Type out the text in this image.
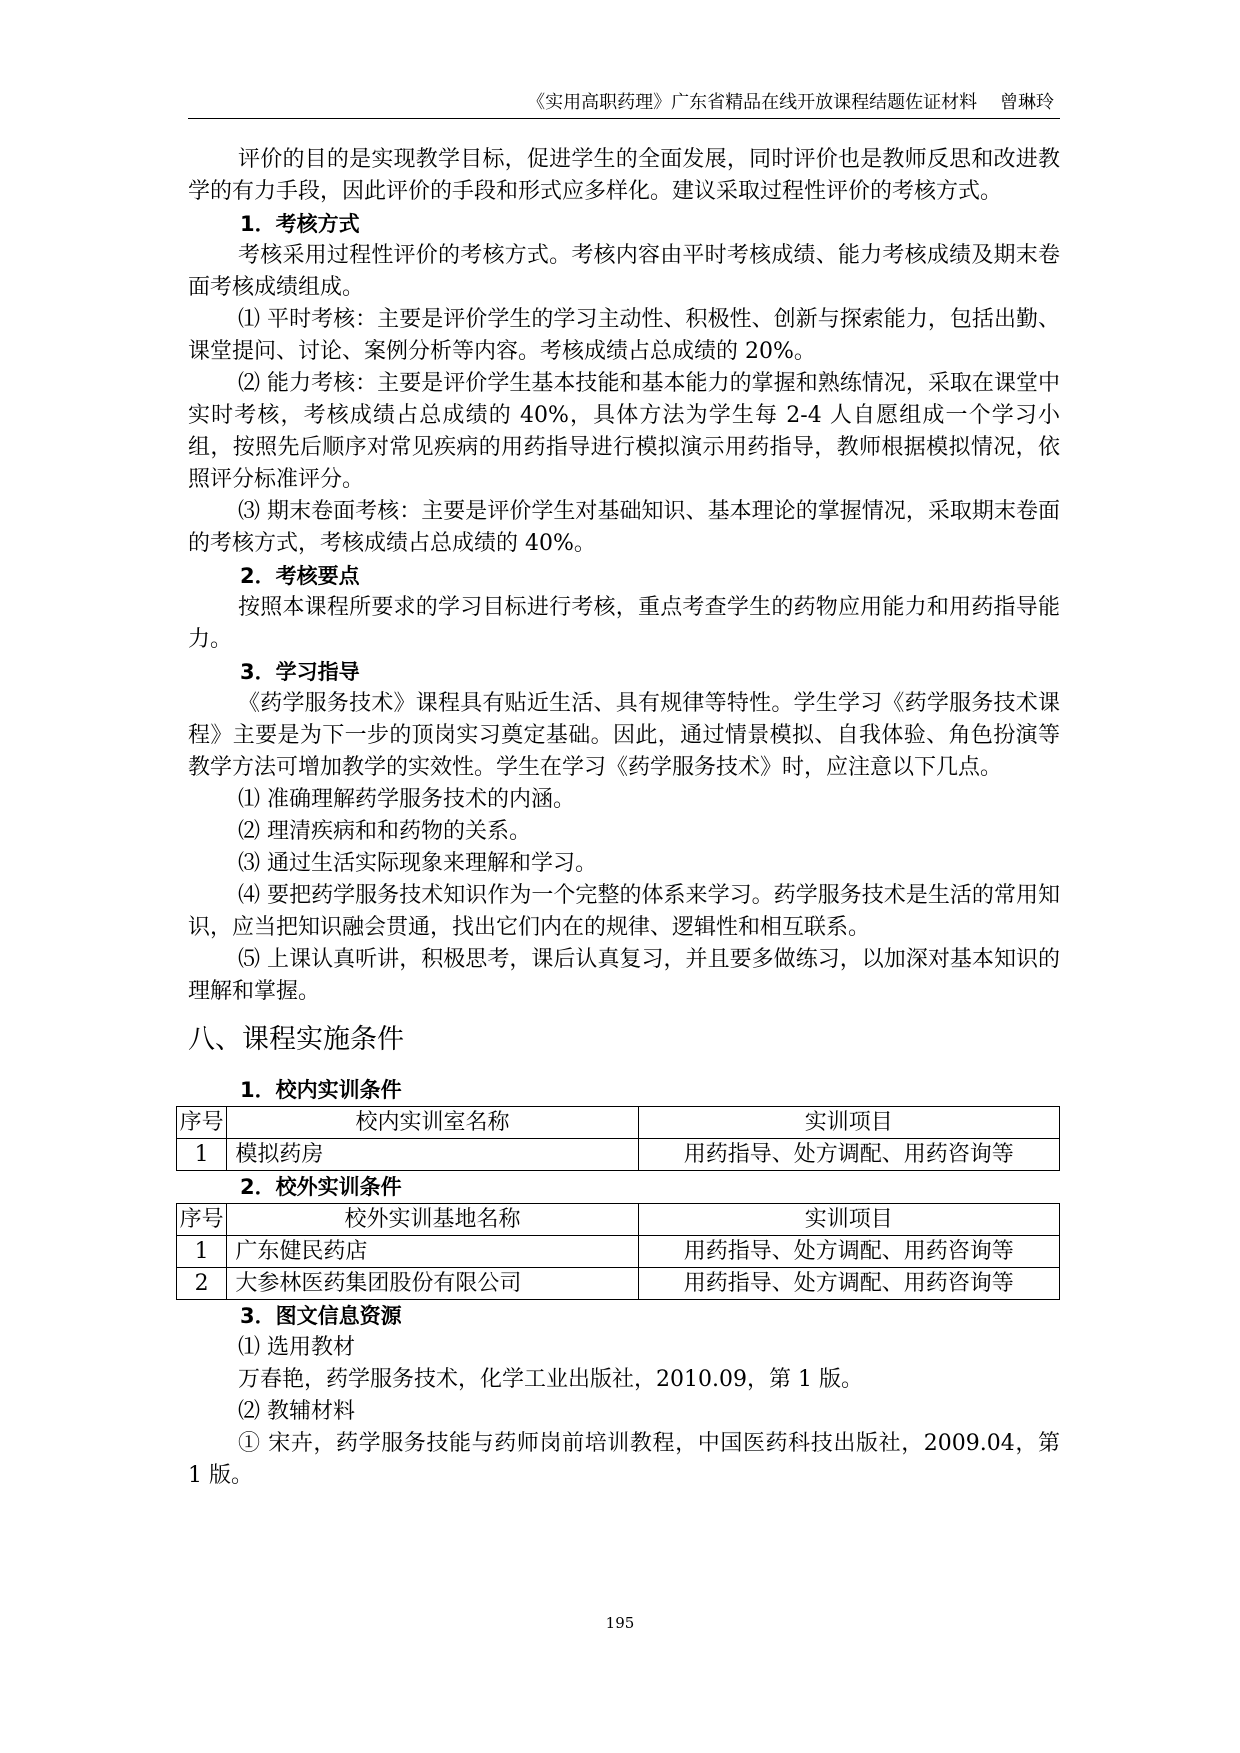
《实用高职药理》广东省精品在线开放课程结题佐证材料    曾琳玲

评价的目的是实现教学目标，促进学生的全面发展，同时评价也是教师反思和改进教学的有力手段，因此评价的手段和形式应多样化。建议采取过程性评价的考核方式。

1．考核方式

考核采用过程性评价的考核方式。考核内容由平时考核成绩、能力考核成绩及期末卷面考核成绩组成。

⑴ 平时考核：主要是评价学生的学习主动性、积极性、创新与探索能力，包括出勤、课堂提问、讨论、案例分析等内容。考核成绩占总成绩的 20%。

⑵ 能力考核：主要是评价学生基本技能和基本能力的掌握和熟练情况，采取在课堂中实时考核，考核成绩占总成绩的 40%，具体方法为学生每 2-4 人自愿组成一个学习小组，按照先后顺序对常见疾病的用药指导进行模拟演示用药指导，教师根据模拟情况，依照评分标准评分。

⑶ 期末卷面考核：主要是评价学生对基础知识、基本理论的掌握情况，采取期末卷面的考核方式，考核成绩占总成绩的 40%。

2．考核要点

按照本课程所要求的学习目标进行考核，重点考查学生的药物应用能力和用药指导能力。

3．学习指导

《药学服务技术》课程具有贴近生活、具有规律等特性。学生学习《药学服务技术课程》主要是为下一步的顶岗实习奠定基础。因此，通过情景模拟、自我体验、角色扮演等教学方法可增加教学的实效性。学生在学习《药学服务技术》时，应注意以下几点。

⑴ 准确理解药学服务技术的内涵。

⑵ 理清疾病和和药物的关系。

⑶ 通过生活实际现象来理解和学习。

⑷ 要把药学服务技术知识作为一个完整的体系来学习。药学服务技术是生活的常用知识，应当把知识融会贯通，找出它们内在的规律、逻辑性和相互联系。

⑸ 上课认真听讲，积极思考，课后认真复习，并且要多做练习，以加深对基本知识的理解和掌握。

八、课程实施条件

1．校内实训条件

序号	校内实训室名称	实训项目
1	模拟药房	用药指导、处方调配、用药咨询等

2．校外实训条件

序号	校外实训基地名称	实训项目
1	广东健民药店	用药指导、处方调配、用药咨询等
2	大参林医药集团股份有限公司	用药指导、处方调配、用药咨询等

3．图文信息资源

⑴ 选用教材

万春艳，药学服务技术，化学工业出版社，2010.09，第 1 版。

⑵ 教辅材料

① 宋卉，药学服务技能与药师岗前培训教程，中国医药科技出版社，2009.04，第 1 版。

195
